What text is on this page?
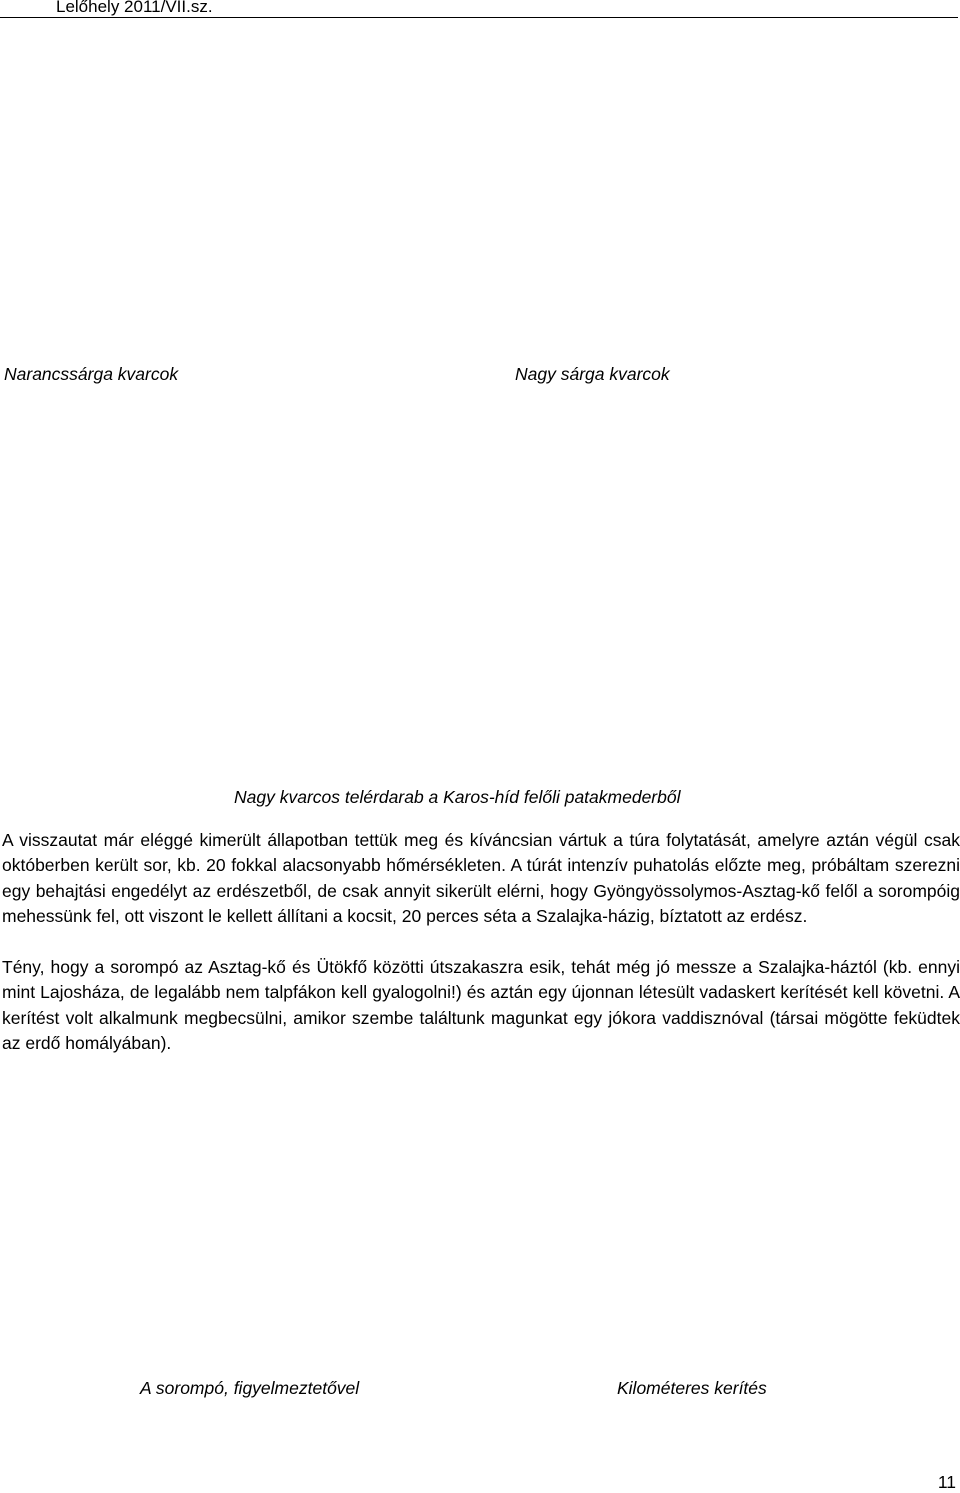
Lelőhely 2011/VII.sz.
Narancssárga kvarcok	Nagy sárga kvarcok
Nagy kvarcos telérdarab a Karos-híd felőli patakmederből

A visszautat már eléggé kimerült állapotban tettük meg és kíváncsian vártuk a túra folytatását, amelyre aztán végül csak októberben került sor, kb. 20 fokkal alacsonyabb hőmérsékleten. A túrát intenzív puhatolás előzte meg, próbáltam szerezni egy behajtási engedélyt az erdészetből, de csak annyit sikerült elérni, hogy Gyöngyössolymos-Asztag-kő felől a sorompóig mehessünk fel, ott viszont le kellett állítani a kocsit, 20 perces séta a Szalajka-házig, bíztatott az erdész.

Tény, hogy a sorompó az Asztag-kő és Ütökfő közötti útszakaszra esik, tehát még jó messze a Szalajka-háztól (kb. ennyi mint Lajosháza, de legalább nem talpfákon kell gyalogolni!) és aztán egy újonnan létesült vadaskert kerítését kell követni. A kerítést volt alkalmunk megbecsülni, amikor szembe találtunk magunkat egy jókora vaddisznóval (társai mögötte feküdtek az erdő homályában).

A sorompó, figyelmeztetővel	Kilométeres kerítés
11
